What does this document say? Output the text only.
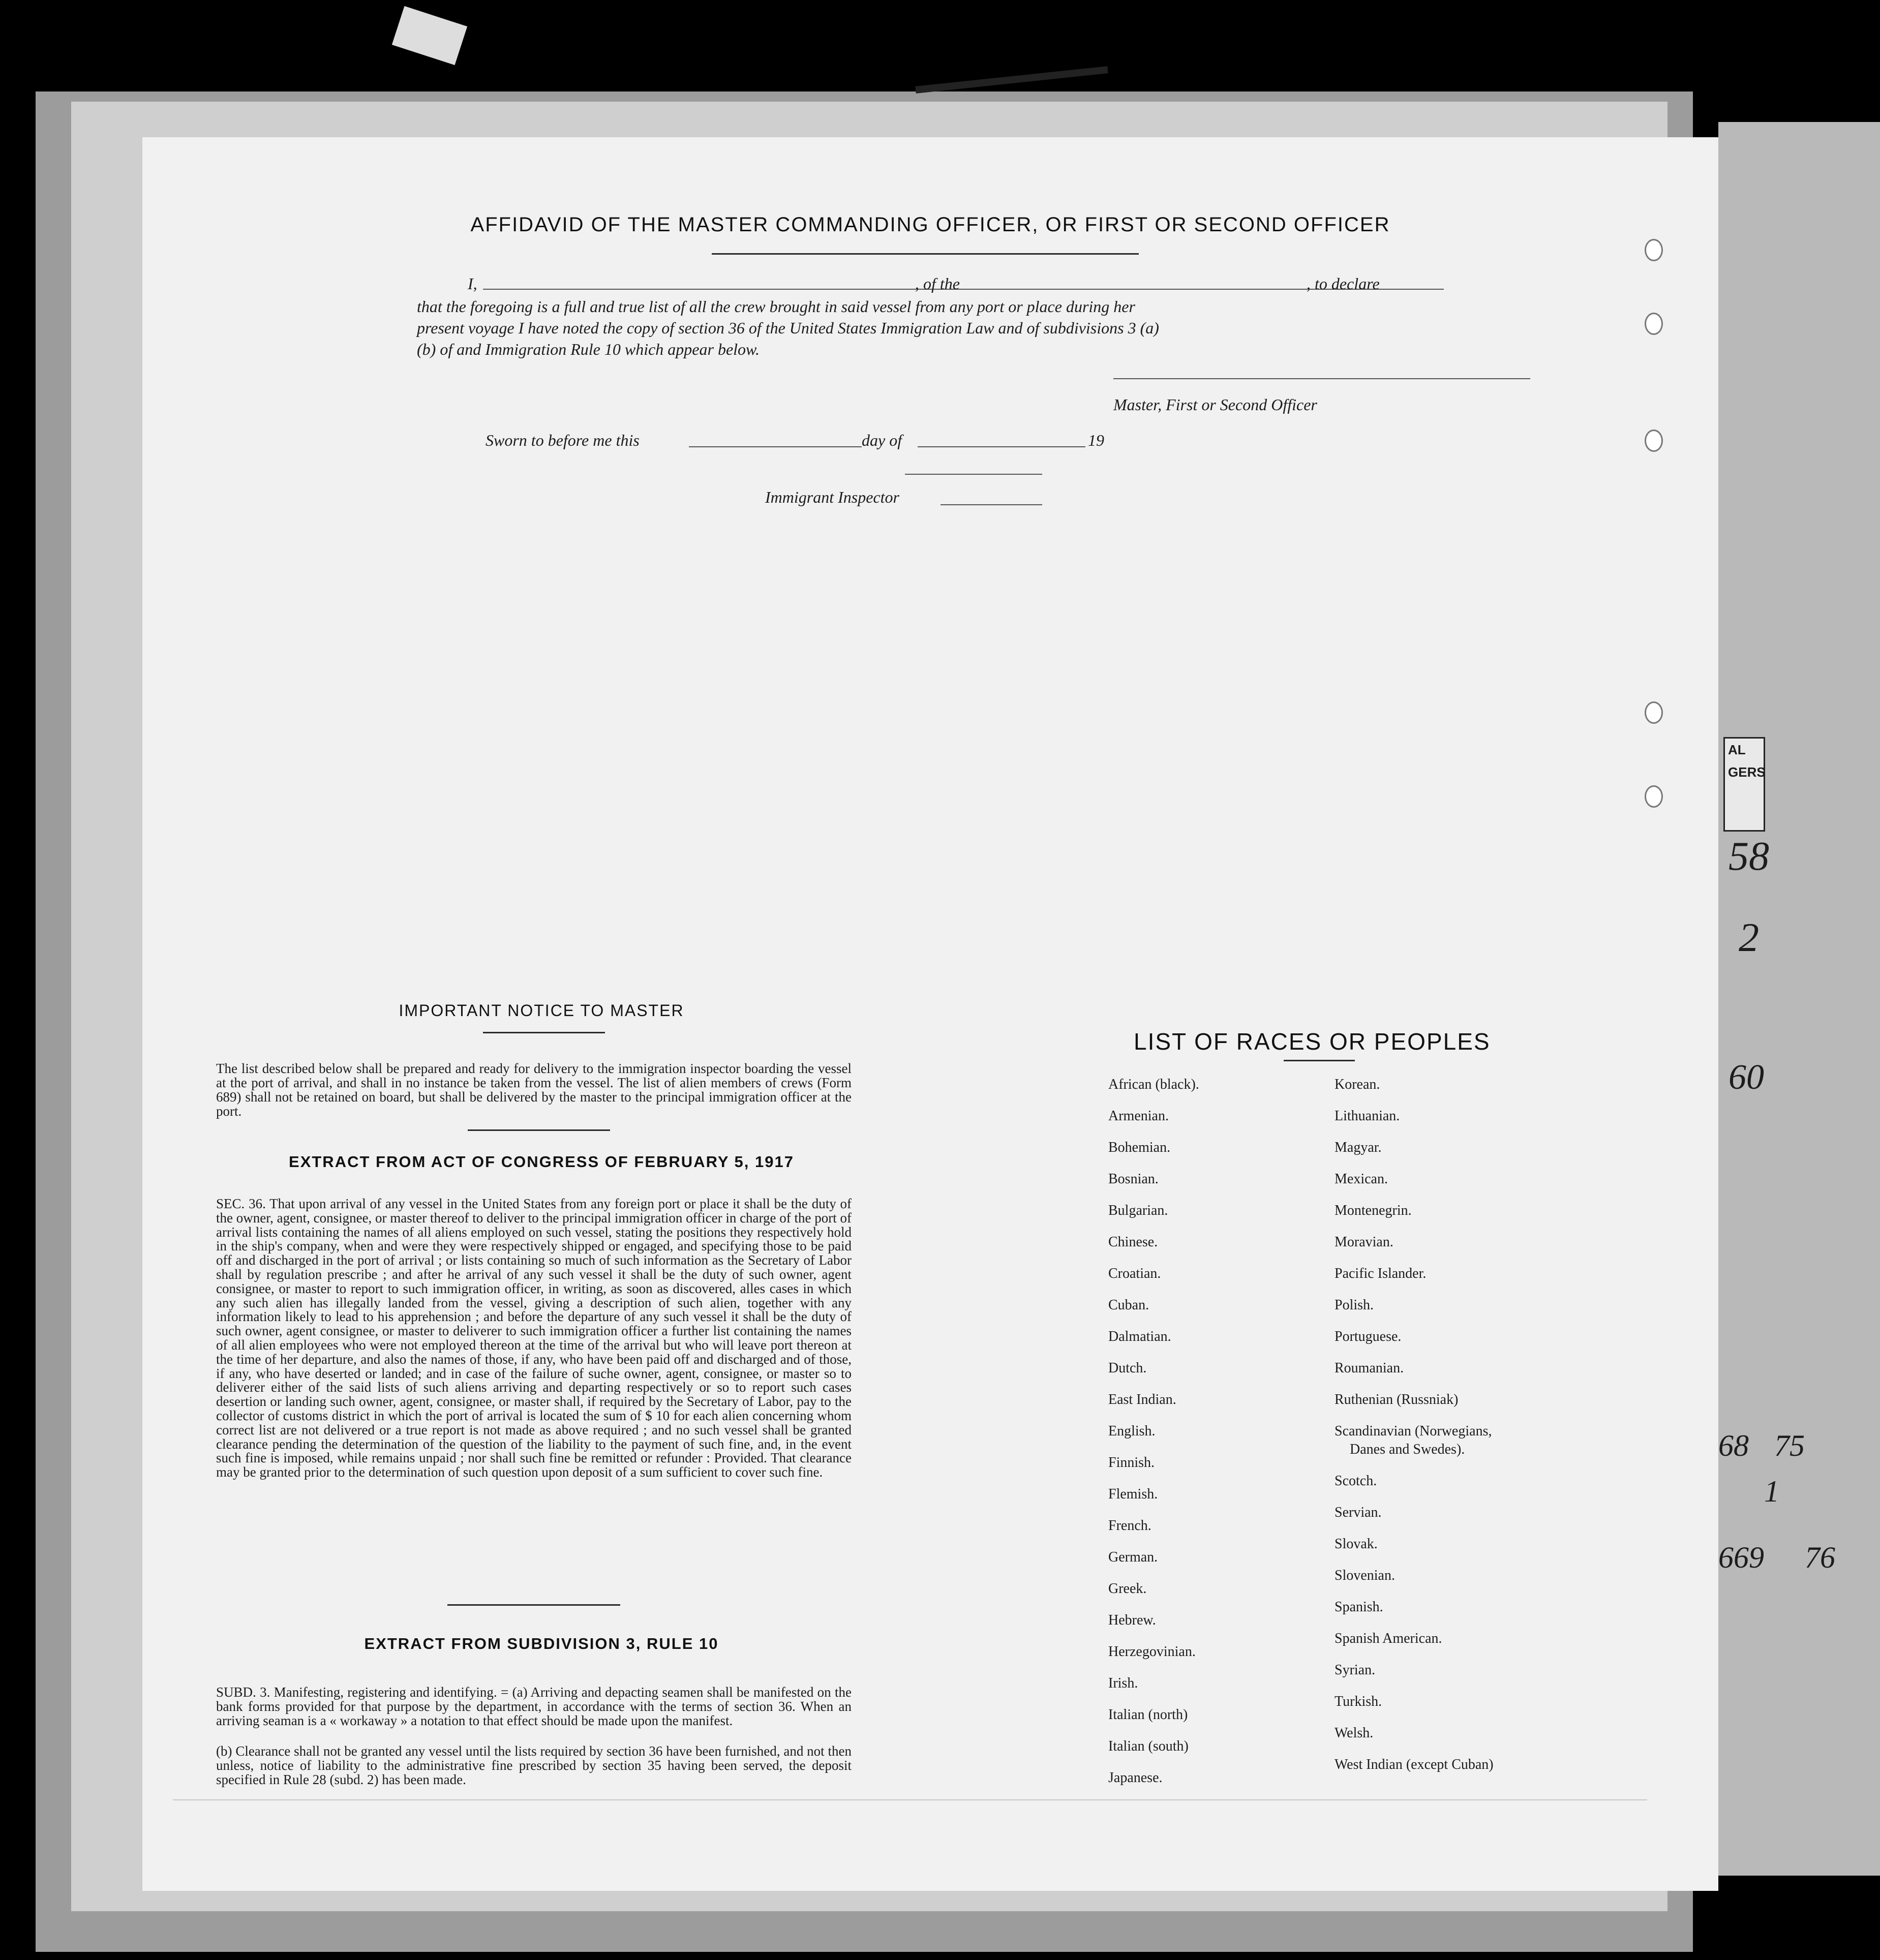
AL
GERS
58
2
60
68 75
1
669 76
AFFIDAVID OF THE MASTER COMMANDING OFFICER, OR FIRST OR SECOND OFFICER
I,	, of the	, to declare
that the foregoing is a full and true list of all the crew brought in said vessel from any port or place during her
present voyage I have noted the copy of section 36 of the United States Immigration Law and of subdivisions 3 (a)
(b) of and Immigration Rule 10 which appear below.
Master, First or Second Officer
Sworn to before me this	day of	19
Immigrant Inspector
IMPORTANT NOTICE TO MASTER
The list described below shall be prepared and ready for delivery to the immigration inspector boarding the vessel at the port of arrival, and shall in no instance be taken from the vessel. The list of alien members of crews (Form 689) shall not be retained on board, but shall be delivered by the master to the principal immigration officer at the port.
EXTRACT FROM ACT OF CONGRESS OF FEBRUARY 5, 1917
SEC. 36. That upon arrival of any vessel in the United States from any foreign port or place it shall be the duty of the owner, agent, consignee, or master thereof to deliver to the principal immigration officer in charge of the port of arrival lists containing the names of all aliens employed on such vessel, stating the positions they respectively hold in the ship's company, when and were they were respectively shipped or engaged, and specifying those to be paid off and discharged in the port of arrival ; or lists containing so much of such information as the Secretary of Labor shall by regulation prescribe ; and after he arrival of any such vessel it shall be the duty of such owner, agent consignee, or master to report to such immigration officer, in writing, as soon as discovered, alles cases in which any such alien has illegally landed from the vessel, giving a description of such alien, together with any information likely to lead to his apprehension ; and before the departure of any such vessel it shall be the duty of such owner, agent consignee, or master to deliverer to such immigration officer a further list containing the names of all alien employees who were not employed thereon at the time of the arrival but who will leave port thereon at the time of her departure, and also the names of those, if any, who have been paid off and discharged and of those, if any, who have deserted or landed; and in case of the failure of suche owner, agent, consignee, or master so to deliverer either of the said lists of such aliens arriving and departing respectively or so to report such cases desertion or landing such owner, agent, consignee, or master shall, if required by the Secretary of Labor, pay to the collector of customs district in which the port of arrival is located the sum of $ 10 for each alien concerning whom correct list are not delivered or a true report is not made as above required ; and no such vessel shall be granted clearance pending the determination of the question of the liability to the payment of such fine, and, in the event such fine is imposed, while remains unpaid ; nor shall such fine be remitted or refunder : Provided. That clearance may be granted prior to the determination of such question upon deposit of a sum sufficient to cover such fine.
EXTRACT FROM SUBDIVISION 3, RULE 10
SUBD. 3. Manifesting, registering and identifying. = (a) Arriving and depacting seamen shall be manifested on the bank forms provided for that purpose by the department, in accordance with the terms of section 36. When an arriving seaman is a « workaway » a notation to that effect should be made upon the manifest.
(b) Clearance shall not be granted any vessel until the lists required by section 36 have been furnished, and not then unless, notice of liability to the administrative fine prescribed by section 35 having been served, the deposit specified in Rule 28 (subd. 2) has been made.
LIST OF RACES OR PEOPLES
African (black).
Armenian.
Bohemian.
Bosnian.
Bulgarian.
Chinese.
Croatian.
Cuban.
Dalmatian.
Dutch.
East Indian.
English.
Finnish.
Flemish.
French.
German.
Greek.
Hebrew.
Herzegovinian.
Irish.
Italian (north)
Italian (south)
Japanese.
Korean.
Lithuanian.
Magyar.
Mexican.
Montenegrin.
Moravian.
Pacific Islander.
Polish.
Portuguese.
Roumanian.
Ruthenian (Russniak)
Scandinavian (Norwegians,
Danes and Swedes).
Scotch.
Servian.
Slovak.
Slovenian.
Spanish.
Spanish American.
Syrian.
Turkish.
Welsh.
West Indian (except Cuban)
